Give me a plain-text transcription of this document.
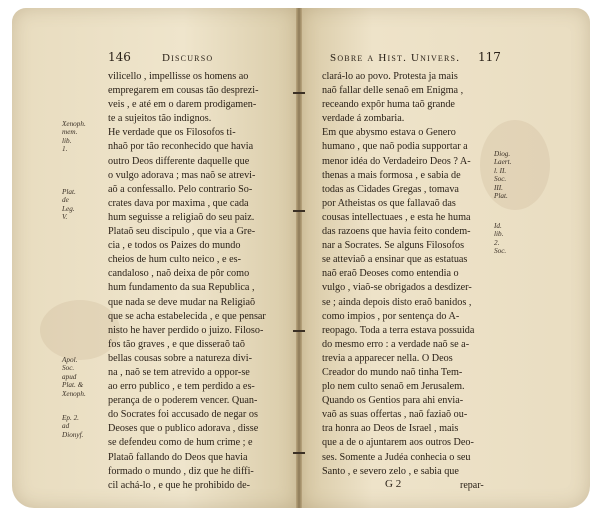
146	Discurso
vilicello , impellisse os homens ao
empregarem em cousas tão desprezi-
veis , e até em o darem prodigamen-
te a sujeitos tão indignos.
He verdade que os Filosofos ti-
nhaõ por tão reconhecido que havia
outro Deos differente daquelle que
o vulgo adorava ; mas naõ se atrevi-
aõ a confessallo. Pelo contrario So-
crates dava por maxima , que cada
hum seguisse a religiaõ do seu paiz.
Plataõ seu discipulo , que via a Gre-
cia , e todos os Paizes do mundo
cheios de hum culto neico , e es-
candaloso , naõ deixa de pôr como
hum fundamento da sua Republica ,
que nada se deve mudar na Religiaõ
que se acha estabelecida , e que pensar
nisto he haver perdido o juizo. Filoso-
fos tão graves , e que disseraõ taõ
bellas cousas sobre a natureza divi-
na , naõ se tem atrevido a oppor-se
ao erro publico , e tem perdido a es-
perança de o poderem vencer. Quan-
do Socrates foi accusado de negar os
Deoses que o publico adorava , disse
se defendeu como de hum crime ; e
Plataõ fallando do Deos que havia
formado o mundo , diz que he diffi-
cil achá-lo , e que he prohibido de-
Xenoph.
mem. lib.
1.
Plat. de
Leg. V.
Apol. Soc.
apud
Plat. &
Xenoph.
Ep. 2. ad
Dionyf.
Sobre a Hist. Univers. 117
clará-lo ao povo. Protesta ja mais
naõ fallar delle senaõ em Enigma ,
receando expôr huma taõ grande
verdade á zombaria.
Em que abysmo estava o Genero
humano , que naõ podia supportar a
menor idéa do Verdadeiro Deos ? A-
thenas a mais formosa , e sabia de
todas as Cidades Gregas , tomava
por Atheistas os que fallavaõ das
cousas intellectuaes , e esta he huma
das razoens que havia feito condem-
nar a Socrates. Se alguns Filosofos
se atteviaõ a ensinar que as estatuas
naõ eraõ Deoses como entendia o
vulgo , viaõ-se obrigados a desdizer-
se ; ainda depois disto eraõ banidos ,
como impios , por sentença do A-
reopago. Toda a terra estava possuida
do mesmo erro : a verdade naõ se a-
trevia a apparecer nella. O Deos
Creador do mundo naõ tinha Tem-
plo nem culto senaõ em Jerusalem.
Quando os Gentios para ahi envia-
vaõ as suas offertas , naõ faziaõ ou-
tra honra ao Deos de Israel , mais
que a de o ajuntarem aos outros Deo-
ses. Somente a Judéa conhecia o seu
Santo , e severo zelo , e sabia que
Diog.
Laert.
l. II. Soc.
III. Plat.
Id. lib. 2.
Soc.
G 2	repar-
